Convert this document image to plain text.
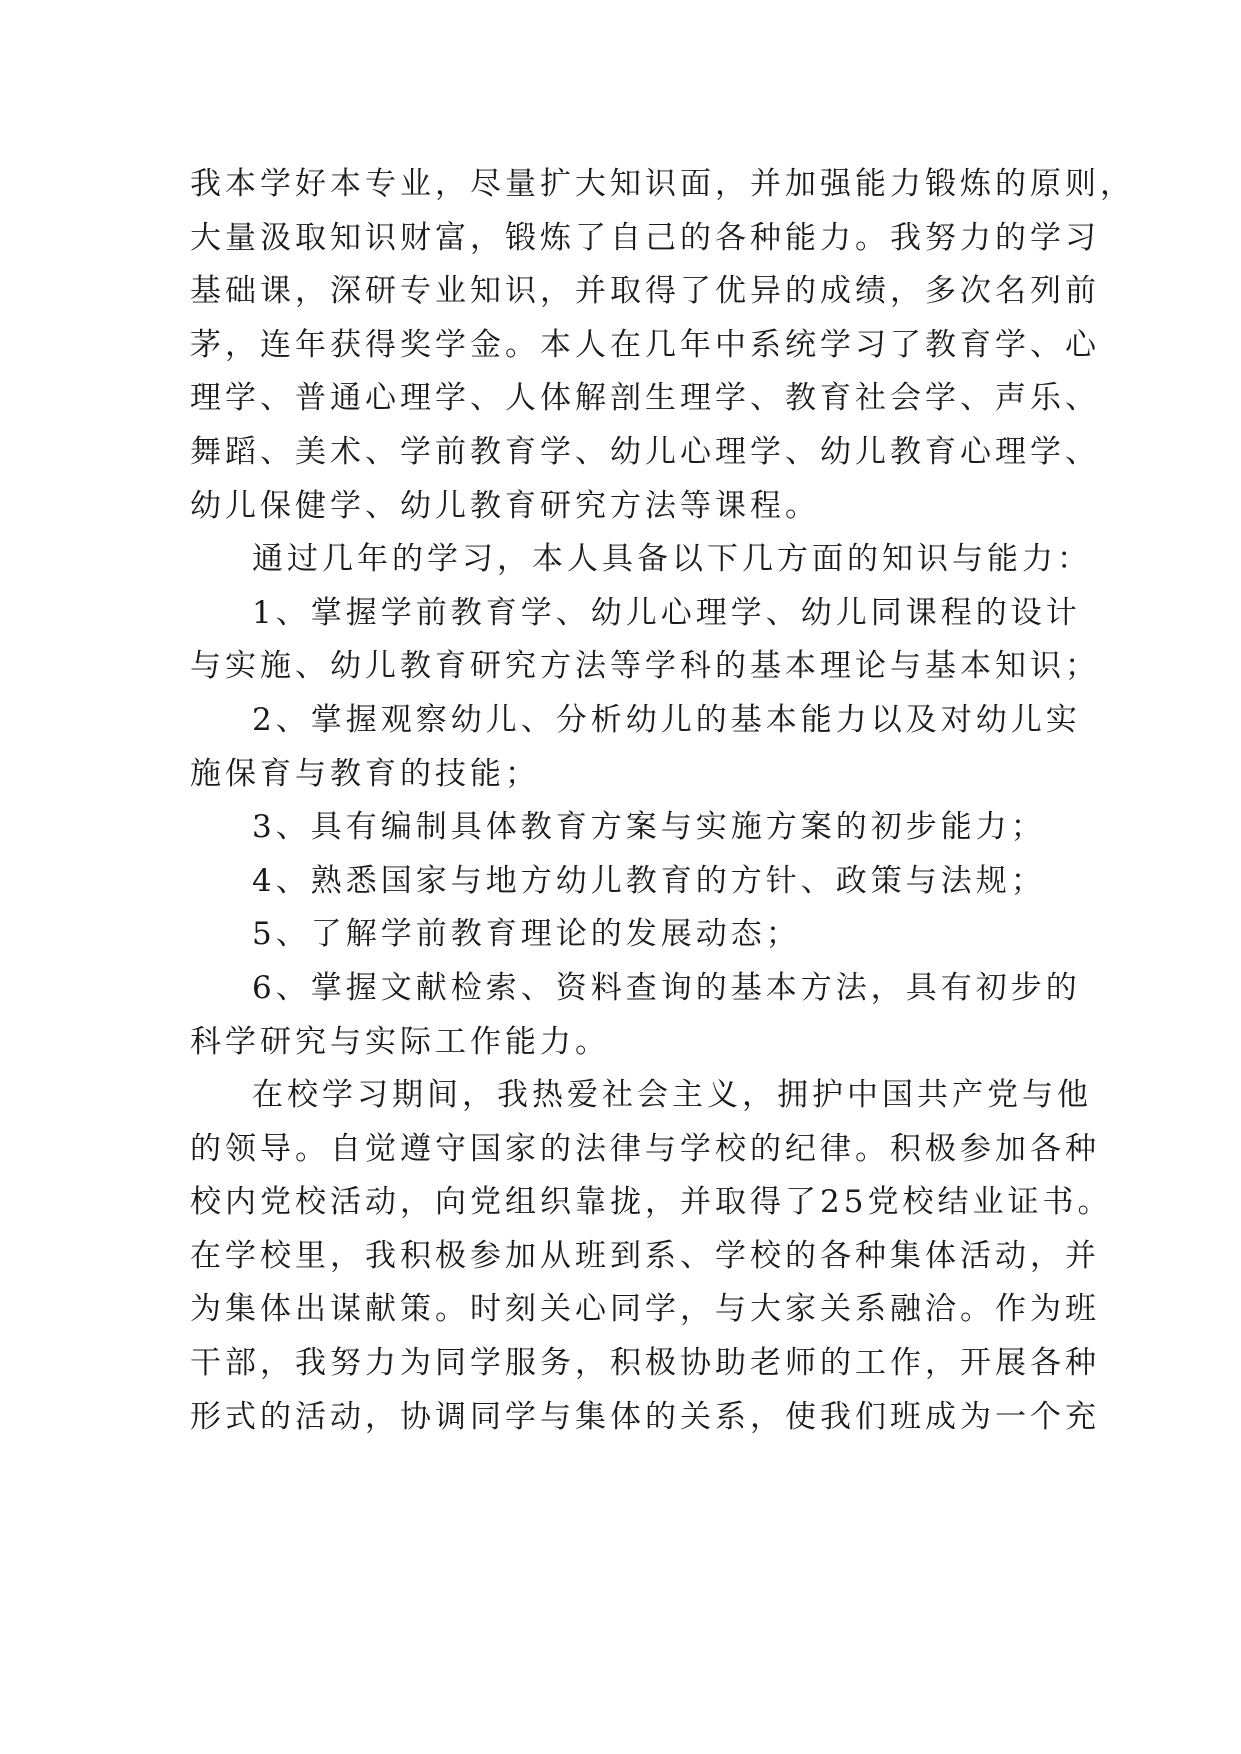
我本学好本专业，尽量扩大知识面，并加强能力锻炼的原则，
大量汲取知识财富，锻炼了自己的各种能力。我努力的学习
基础课，深研专业知识，并取得了优异的成绩，多次名列前
茅，连年获得奖学金。本人在几年中系统学习了教育学、心
理学、普通心理学、人体解剖生理学、教育社会学、声乐、
舞蹈、美术、学前教育学、幼儿心理学、幼儿教育心理学、
幼儿保健学、幼儿教育研究方法等课程。
通过几年的学习，本人具备以下几方面的知识与能力：
1、掌握学前教育学、幼儿心理学、幼儿同课程的设计
与实施、幼儿教育研究方法等学科的基本理论与基本知识；
2、掌握观察幼儿、分析幼儿的基本能力以及对幼儿实
施保育与教育的技能；
3、具有编制具体教育方案与实施方案的初步能力；
4、熟悉国家与地方幼儿教育的方针、政策与法规；
5、了解学前教育理论的发展动态；
6、掌握文献检索、资料查询的基本方法，具有初步的
科学研究与实际工作能力。
在校学习期间，我热爱社会主义，拥护中国共产党与他
的领导。自觉遵守国家的法律与学校的纪律。积极参加各种
校内党校活动，向党组织靠拢，并取得了25党校结业证书。
在学校里，我积极参加从班到系、学校的各种集体活动，并
为集体出谋献策。时刻关心同学，与大家关系融洽。作为班
干部，我努力为同学服务，积极协助老师的工作，开展各种
形式的活动，协调同学与集体的关系，使我们班成为一个充
